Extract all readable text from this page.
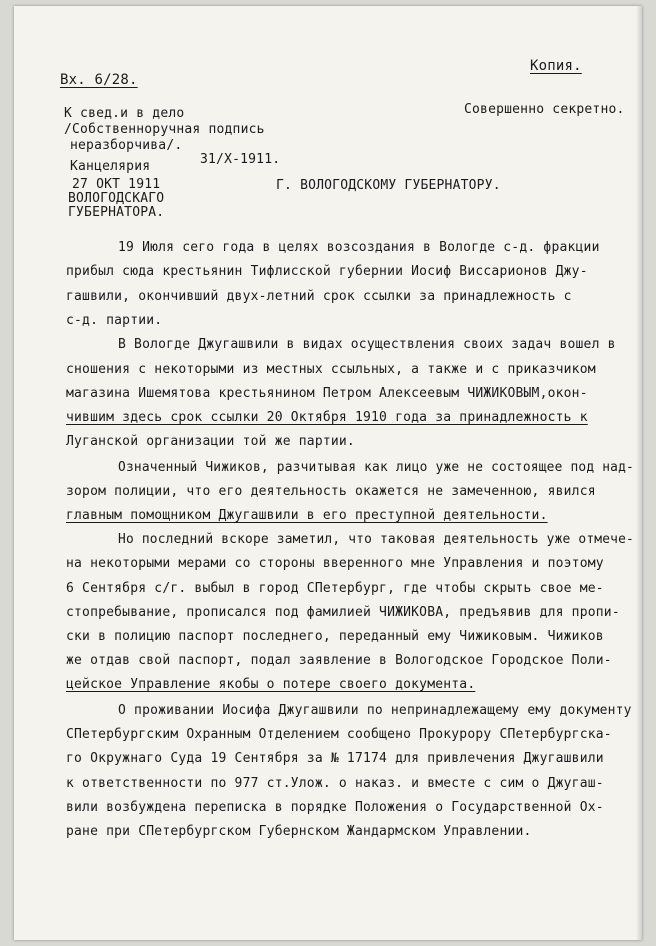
Вх. 6/28.
Копия.
К свед.и в дело
/Собственноручная подпись
неразборчива/.
Совершенно секретно.
31/Х-1911.
Канцелярия
27 ОКТ 1911
ВОЛОГОДСКАГО
ГУБЕРНАТОРА.
Г. ВОЛОГОДСКОМУ ГУБЕРНАТОРУ.
19 Июля сего года в целях возсоздания в Вологде с-д. фракции
прибыл сюда крестьянин Тифлисской губернии Иосиф Виссарионов Джу-
гашвили, окончивший двух-летний срок ссылки за принадлежность с
с-д. партии.
В Вологде Джугашвили в видах осуществления своих задач вошел в
сношения с некоторыми из местных ссыльных, а также и с приказчиком
магазина Ишемятова крестьянином Петром Алексеевым ЧИЖИКОВЫМ,окон-
чившим здесь срок ссылки 20 Октября 1910 года за принадлежность к
Луганской организации той же партии.
Означенный Чижиков, разчитывая как лицо уже не состоящее под над-
зором полиции, что его деятельность окажется не замеченною, явился
главным помощником Джугашвили в его преступной деятельности.
Но последний вскоре заметил, что таковая деятельность уже отмече-
на некоторыми мерами со стороны вверенного мне Управления и поэтому
6 Сентября с/г. выбыл в город СПетербург, где чтобы скрыть свое ме-
стопребывание, прописался под фамилией ЧИЖИКОВА, предъявив для пропи-
ски в полицию паспорт последнего, переданный ему Чижиковым. Чижиков
же отдав свой паспорт, подал заявление в Вологодское Городское Поли-
цейское Управление якобы о потере своего документа.
О проживании Иосифа Джугашвили по непринадлежащему ему документу
СПетербургским Охранным Отделением сообщено Прокурору СПетербургска-
го Окружнаго Суда 19 Сентября за № 17174 для привлечения Джугашвили
к ответственности по 977 ст.Улож. о наказ. и вместе с сим о Джугаш-
вили возбуждена переписка в порядке Положения о Государственной Ох-
ране при СПетербургском Губернском Жандармском Управлении.
